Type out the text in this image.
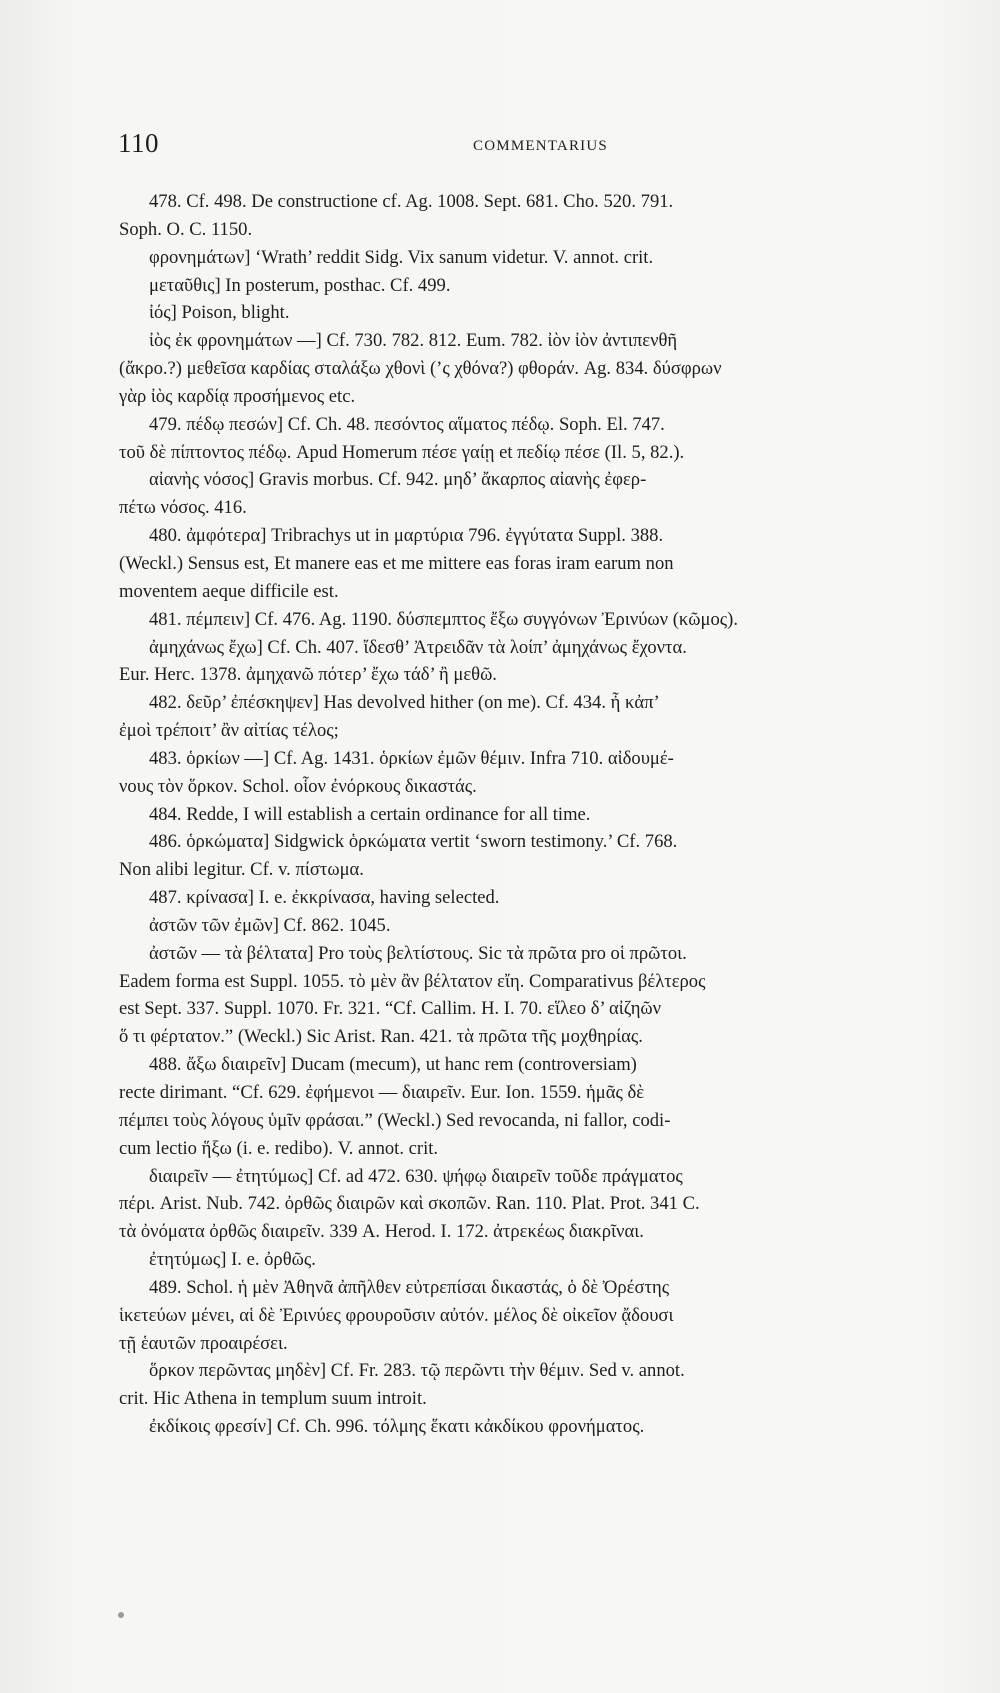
110	COMMENTARIUS
478. Cf. 498. De constructione cf. Ag. 1008. Sept. 681. Cho. 520. 791.
Soph. O. C. 1150.
φρονημάτων] ‘Wrath’ reddit Sidg. Vix sanum videtur. V. annot. crit.
μεταῦθις] In posterum, posthac. Cf. 499.
ἰός] Poison, blight.
ἰὸς ἐκ φρονημάτων —] Cf. 730. 782. 812. Eum. 782. ἰὸν ἰὸν ἀντιπενθῆ
(ἄκρο.?) μεθεῖσα καρδίας σταλάξω χθονὶ (’ς χθόνα?) φθοράν. Ag. 834. δύσφρων
γὰρ ἰὸς καρδίᾳ προσήμενος etc.
479. πέδῳ πεσών] Cf. Ch. 48. πεσόντος αἵματος πέδῳ. Soph. El. 747.
τοῦ δὲ πίπτοντος πέδῳ. Apud Homerum πέσε γαίῃ et πεδίῳ πέσε (Il. 5, 82.).
αἰανὴς νόσος] Gravis morbus. Cf. 942. μηδ’ ἄκαρπος αἰανὴς ἐφερ-
πέτω νόσος. 416.
480. ἀμφότερα] Tribrachys ut in μαρτύρια 796. ἐγγύτατα Suppl. 388.
(Weckl.) Sensus est, Et manere eas et me mittere eas foras iram earum non
moventem aeque difficile est.
481. πέμπειν] Cf. 476. Ag. 1190. δύσπεμπτος ἔξω συγγόνων Ἐρινύων (κῶμος).
ἀμηχάνως ἔχω] Cf. Ch. 407. ἴδεσθ’ Ἀτρειδᾶν τὰ λοίπ’ ἀμηχάνως ἔχοντα.
Eur. Herc. 1378. ἀμηχανῶ πότερ’ ἔχω τάδ’ ἢ μεθῶ.
482. δεῦρ’ ἐπέσκηψεν] Has devolved hither (on me). Cf. 434. ἦ κἀπ’
ἐμοὶ τρέποιτ’ ἂν αἰτίας τέλος;
483. ὁρκίων —] Cf. Ag. 1431. ὁρκίων ἐμῶν θέμιν. Infra 710. αἰδουμέ-
νους τὸν ὅρκον. Schol. οἷον ἐνόρκους δικαστάς.
484. Redde, I will establish a certain ordinance for all time.
486. ὁρκώματα] Sidgwick ὁρκώματα vertit ‘sworn testimony.’ Cf. 768.
Non alibi legitur. Cf. v. πίστωμα.
487. κρίνασα] I. e. ἐκκρίνασα, having selected.
ἀστῶν τῶν ἐμῶν] Cf. 862. 1045.
ἀστῶν — τὰ βέλτατα] Pro τοὺς βελτίστους. Sic τὰ πρῶτα pro οἱ πρῶτοι.
Eadem forma est Suppl. 1055. τὸ μὲν ἂν βέλτατον εἴη. Comparativus βέλτερος
est Sept. 337. Suppl. 1070. Fr. 321. “Cf. Callim. H. I. 70. εἵλεο δ’ αἰζηῶν
ὅ τι φέρτατον.” (Weckl.) Sic Arist. Ran. 421. τὰ πρῶτα τῆς μοχθηρίας.
488. ἄξω διαιρεῖν] Ducam (mecum), ut hanc rem (controversiam)
recte dirimant. “Cf. 629. ἐφήμενοι — διαιρεῖν. Eur. Ion. 1559. ἡμᾶς δὲ
πέμπει τοὺς λόγους ὑμῖν φράσαι.” (Weckl.) Sed revocanda, ni fallor, codi-
cum lectio ἥξω (i. e. redibo). V. annot. crit.
διαιρεῖν — ἐτητύμως] Cf. ad 472. 630. ψήφῳ διαιρεῖν τοῦδε πράγματος
πέρι. Arist. Nub. 742. ὀρθῶς διαιρῶν καὶ σκοπῶν. Ran. 110. Plat. Prot. 341 C.
τὰ ὀνόματα ὀρθῶς διαιρεῖν. 339 A. Herod. I. 172. ἀτρεκέως διακρῖναι.
ἐτητύμως] I. e. ὀρθῶς.
489. Schol. ἡ μὲν Ἀθηνᾶ ἀπῆλθεν εὐτρεπίσαι δικαστάς, ὁ δὲ Ὀρέστης
ἱκετεύων μένει, αἱ δὲ Ἐρινύες φρουροῦσιν αὐτόν. μέλος δὲ οἰκεῖον ᾄδουσι
τῇ ἑαυτῶν προαιρέσει.
ὅρκον περῶντας μηδὲν] Cf. Fr. 283. τῷ περῶντι τὴν θέμιν. Sed v. annot.
crit. Hic Athena in templum suum introit.
ἐκδίκοις φρεσίν] Cf. Ch. 996. τόλμης ἕκατι κἀκδίκου φρονήματος.
